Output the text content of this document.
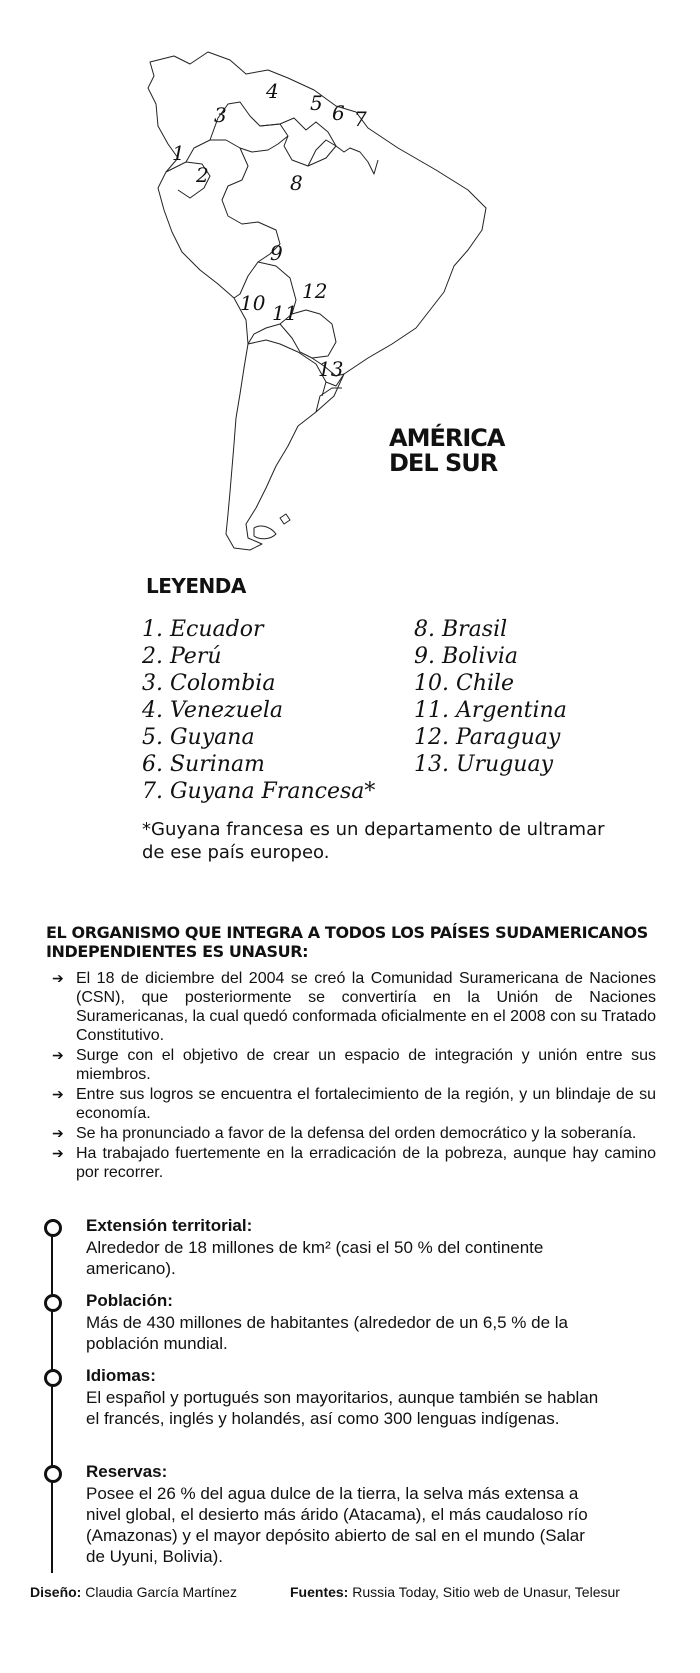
1
2
3
4 5 6 7
8
9
10 11
12
13
AMÉRICA
DEL SUR
LEYENDA
1. Ecuador
2. Perú
3. Colombia
4. Venezuela
5. Guyana
6. Surinam
7. Guyana Francesa*
8. Brasil
9. Bolivia
10. Chile
11. Argentina
12. Paraguay
13. Uruguay
*Guyana francesa es un departamento de ultramar de ese país europeo.
EL ORGANISMO QUE INTEGRA A TODOS LOS PAÍSES SUDAMERICANOS INDEPENDIENTES ES UNASUR:
➔ El 18 de diciembre del 2004 se creó la Comunidad Suramericana de Naciones (CSN), que posteriormente se convertiría en la Unión de Naciones Suramericanas, la cual quedó conformada oficialmente en el 2008 con su Tratado Constitutivo.
➔ Surge con el objetivo de crear un espacio de integración y unión entre sus miembros.
➔ Entre sus logros se encuentra el fortalecimiento de la región, y un blindaje de su economía.
➔ Se ha pronunciado a favor de la defensa del orden democrático y la soberanía.
➔ Ha trabajado fuertemente en la erradicación de la pobreza, aunque hay camino por recorrer.
Extensión territorial:
Alrededor de 18 millones de km² (casi el 50 % del continente americano).
Población:
Más de 430 millones de habitantes (alrededor de un 6,5 % de la población mundial.
Idiomas:
El español y portugués son mayoritarios, aunque también se hablan el francés, inglés y holandés, así como 300 lenguas indígenas.
Reservas:
Posee el 26 % del agua dulce de la tierra, la selva más extensa a nivel global, el desierto más árido (Atacama), el más caudaloso río (Amazonas) y el mayor depósito abierto de sal en el mundo (Salar de Uyuni, Bolivia).
Diseño: Claudia García Martínez	Fuentes: Russia Today, Sitio web de Unasur, Telesur
